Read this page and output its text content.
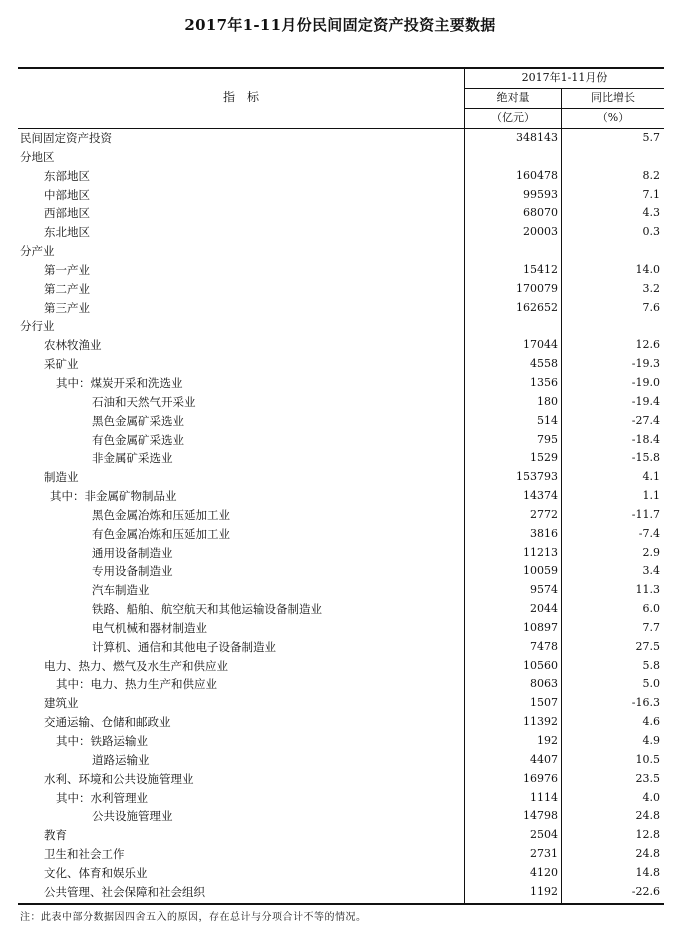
2017年1-11月份民间固定资产投资主要数据
指　标
2017年1-11月份
绝对量	同比增长
（亿元）	（%）
民间固定资产投资	348143	5.7
分地区
东部地区	160478	8.2
中部地区	99593	7.1
西部地区	68070	4.3
东北地区	20003	0.3
分产业
第一产业	15412	14.0
第二产业	170079	3.2
第三产业	162652	7.6
分行业
农林牧渔业	17044	12.6
采矿业	4558	-19.3
其中：煤炭开采和洗选业	1356	-19.0
石油和天然气开采业	180	-19.4
黑色金属矿采选业	514	-27.4
有色金属矿采选业	795	-18.4
非金属矿采选业	1529	-15.8
制造业	153793	4.1
其中：非金属矿物制品业	14374	1.1
黑色金属冶炼和压延加工业	2772	-11.7
有色金属冶炼和压延加工业	3816	-7.4
通用设备制造业	11213	2.9
专用设备制造业	10059	3.4
汽车制造业	9574	11.3
铁路、船舶、航空航天和其他运输设备制造业	2044	6.0
电气机械和器材制造业	10897	7.7
计算机、通信和其他电子设备制造业	7478	27.5
电力、热力、燃气及水生产和供应业	10560	5.8
其中：电力、热力生产和供应业	8063	5.0
建筑业	1507	-16.3
交通运输、仓储和邮政业	11392	4.6
其中：铁路运输业	192	4.9
道路运输业	4407	10.5
水利、环境和公共设施管理业	16976	23.5
其中：水利管理业	1114	4.0
公共设施管理业	14798	24.8
教育	2504	12.8
卫生和社会工作	2731	24.8
文化、体育和娱乐业	4120	14.8
公共管理、社会保障和社会组织	1192	-22.6
注：此表中部分数据因四舍五入的原因，存在总计与分项合计不等的情况。
